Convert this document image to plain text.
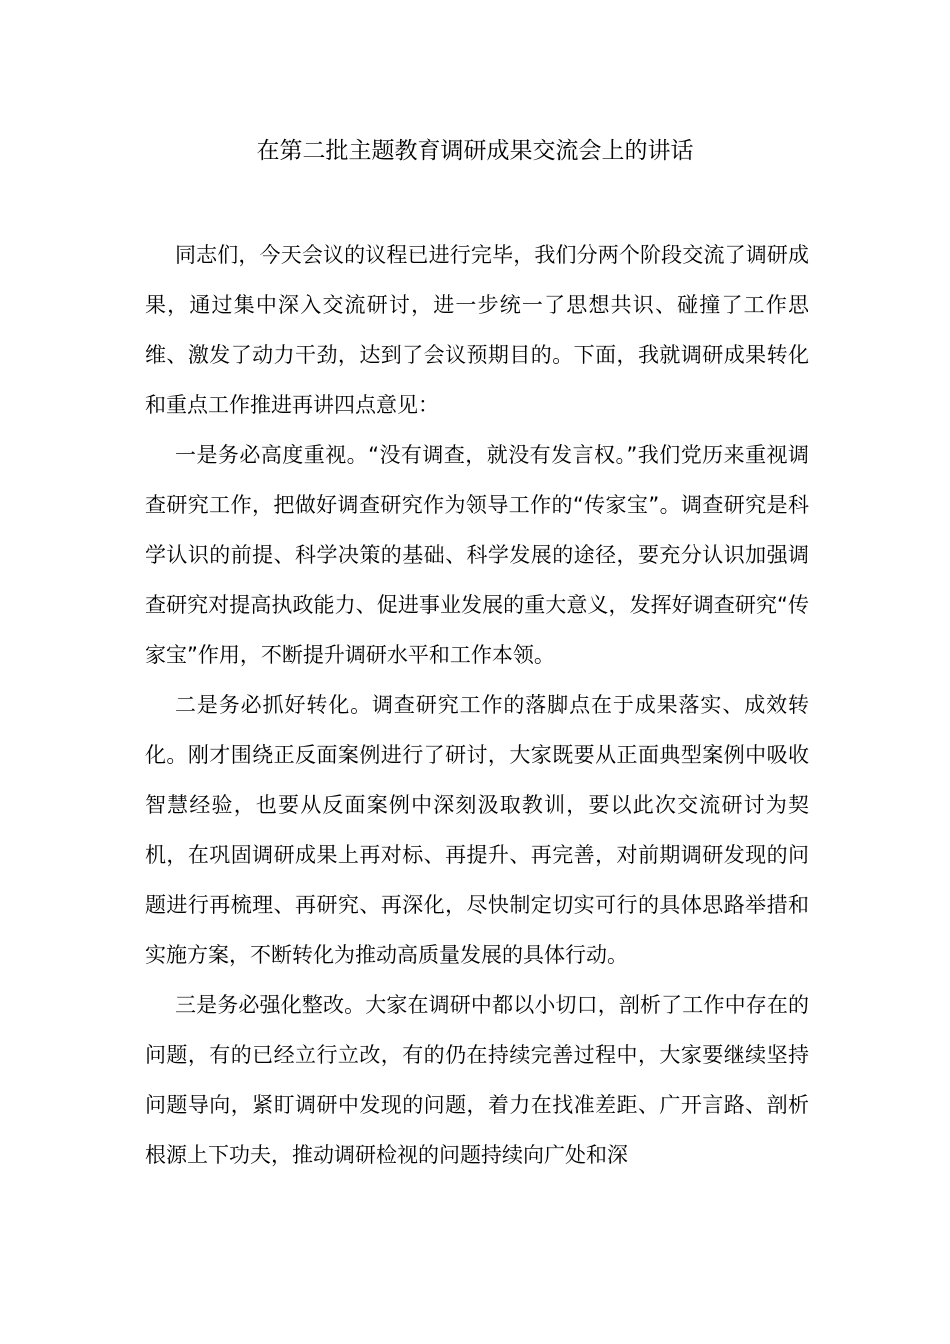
在第二批主题教育调研成果交流会上的讲话

同志们，今天会议的议程已进行完毕，我们分两个阶段交流了调研成果，通过集中深入交流研讨，进一步统一了思想共识、碰撞了工作思维、激发了动力干劲，达到了会议预期目的。下面，我就调研成果转化和重点工作推进再讲四点意见：

一是务必高度重视。“没有调查，就没有发言权。”我们党历来重视调查研究工作，把做好调查研究作为领导工作的“传家宝”。调查研究是科学认识的前提、科学决策的基础、科学发展的途径，要充分认识加强调查研究对提高执政能力、促进事业发展的重大意义，发挥好调查研究“传家宝”作用，不断提升调研水平和工作本领。

二是务必抓好转化。调查研究工作的落脚点在于成果落实、成效转化。刚才围绕正反面案例进行了研讨，大家既要从正面典型案例中吸收智慧经验，也要从反面案例中深刻汲取教训，要以此次交流研讨为契机，在巩固调研成果上再对标、再提升、再完善，对前期调研发现的问题进行再梳理、再研究、再深化，尽快制定切实可行的具体思路举措和实施方案，不断转化为推动高质量发展的具体行动。

三是务必强化整改。大家在调研中都以小切口，剖析了工作中存在的问题，有的已经立行立改，有的仍在持续完善过程中，大家要继续坚持问题导向，紧盯调研中发现的问题，着力在找准差距、广开言路、剖析根源上下功夫，推动调研检视的问题持续向广处和深
